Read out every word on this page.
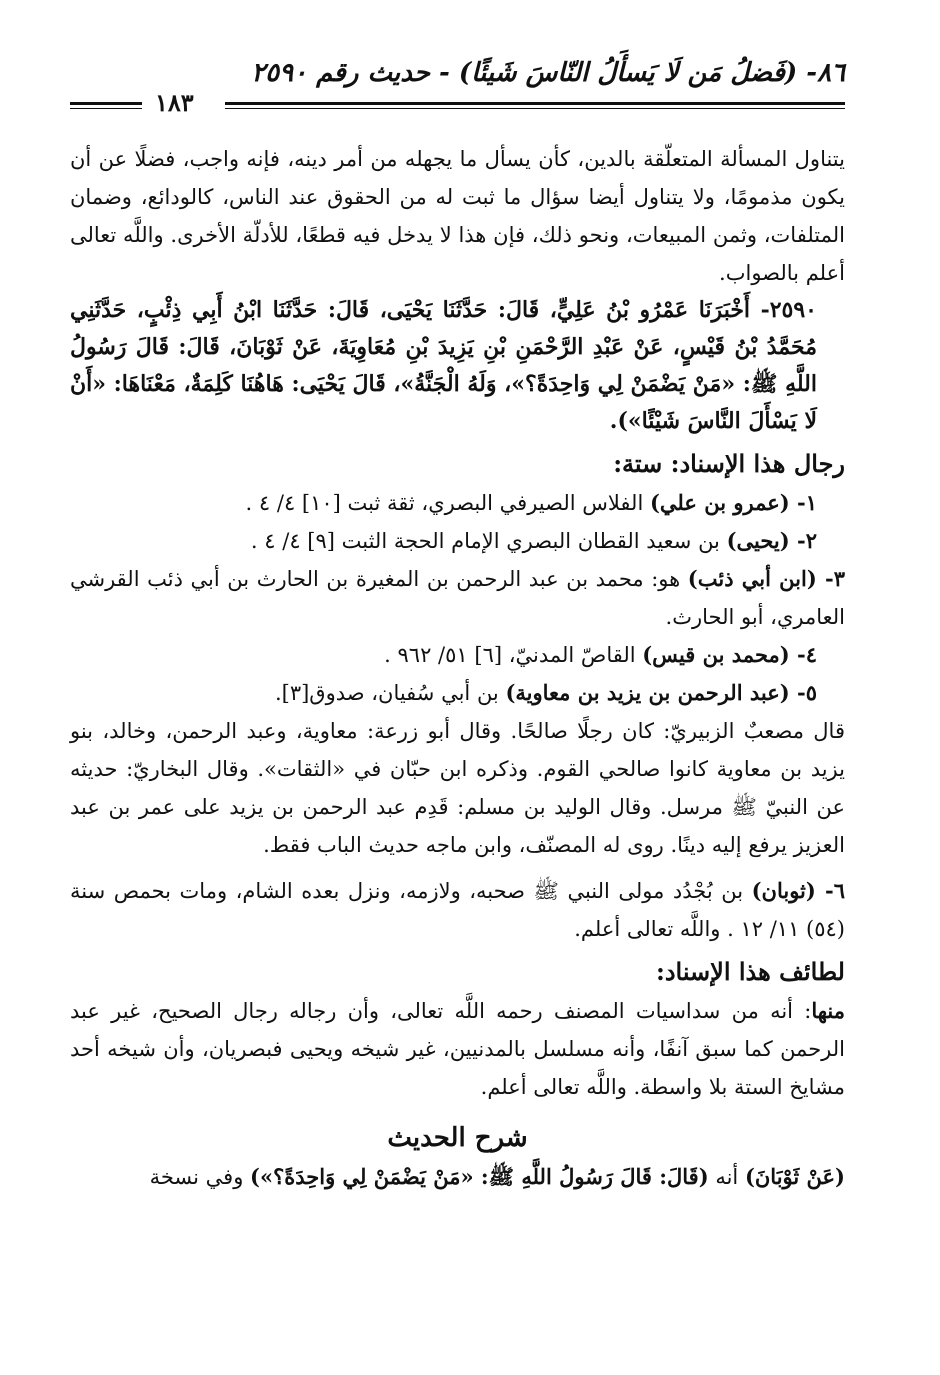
٨٦- (فَضلُ مَن لَا يَسأَلُ النّاسَ شَيئًا) - حديث رقم ٢٥٩٠
١٨٣

يتناول المسألة المتعلّقة بالدين، كأن يسأل ما يجهله من أمر دينه، فإنه واجب، فضلًا عن أن يكون مذمومًا، ولا يتناول أيضا سؤال ما ثبت له من الحقوق عند الناس، كالودائع، وضمان المتلفات، وثمن المبيعات، ونحو ذلك، فإن هذا لا يدخل فيه قطعًا، للأدلّة الأخرى. واللَّه تعالى أعلم بالصواب.

٢٥٩٠- أَخْبَرَنَا عَمْرُو بْنُ عَلِيٍّ، قَالَ: حَدَّثَنَا يَحْيَى، قَالَ: حَدَّثَنَا ابْنُ أَبِي ذِئْبٍ، حَدَّثَنِي مُحَمَّدُ بْنُ قَيْسٍ، عَنْ عَبْدِ الرَّحْمَنِ بْنِ يَزِيدَ بْنِ مُعَاوِيَةَ، عَنْ ثَوْبَانَ، قَالَ: قَالَ رَسُولُ اللَّهِ ﷺ: «مَنْ يَضْمَنْ لِي وَاحِدَةً؟»، وَلَهُ الْجَنَّةُ»، قَالَ يَحْيَى: هَاهُنَا كَلِمَةٌ، مَعْنَاهَا: «أَنْ لَا يَسْأَلَ النَّاسَ شَيْئًا»).

رجال هذا الإسناد: ستة:

١- (عمرو بن علي) الفلاس الصيرفي البصري، ثقة ثبت [١٠] ٤/ ٤ .

٢- (يحيى) بن سعيد القطان البصري الإمام الحجة الثبت [٩] ٤/ ٤ .

٣- (ابن أبي ذئب) هو: محمد بن عبد الرحمن بن المغيرة بن الحارث بن أبي ذئب القرشي العامري، أبو الحارث.

٤- (محمد بن قيس) القاصّ المدنيّ، [٦] ٥١/ ٩٦٢ .

٥- (عبد الرحمن بن يزيد بن معاوية) بن أبي سُفيان، صدوق[٣].

قال مصعبٌ الزبيريّ: كان رجلًا صالحًا. وقال أبو زرعة: معاوية، وعبد الرحمن، وخالد، بنو يزيد بن معاوية كانوا صالحي القوم. وذكره ابن حبّان في «الثقات». وقال البخاريّ: حديثه عن النبيّ ﷺ مرسل. وقال الوليد بن مسلم: قَدِم عبد الرحمن بن يزيد على عمر بن عبد العزيز يرفع إليه دينًا. روى له المصنّف، وابن ماجه حديث الباب فقط.

٦- (ثوبان) بن بُجْدُد مولى النبي ﷺ صحبه، ولازمه، ونزل بعده الشام، ومات بحمص سنة (٥٤) ١١/ ١٢ . واللَّه تعالى أعلم.

لطائف هذا الإسناد:

منها: أنه من سداسيات المصنف رحمه اللَّه تعالى، وأن رجاله رجال الصحيح، غير عبد الرحمن كما سبق آنفًا، وأنه مسلسل بالمدنيين، غير شيخه ويحيى فبصريان، وأن شيخه أحد مشايخ الستة بلا واسطة. واللَّه تعالى أعلم.

شرح الحديث

(عَنْ ثَوْبَانَ) أنه (قَالَ: قَالَ رَسُولُ اللَّهِ ﷺ: «مَنْ يَضْمَنْ لِي وَاحِدَةً؟») وفي نسخة
